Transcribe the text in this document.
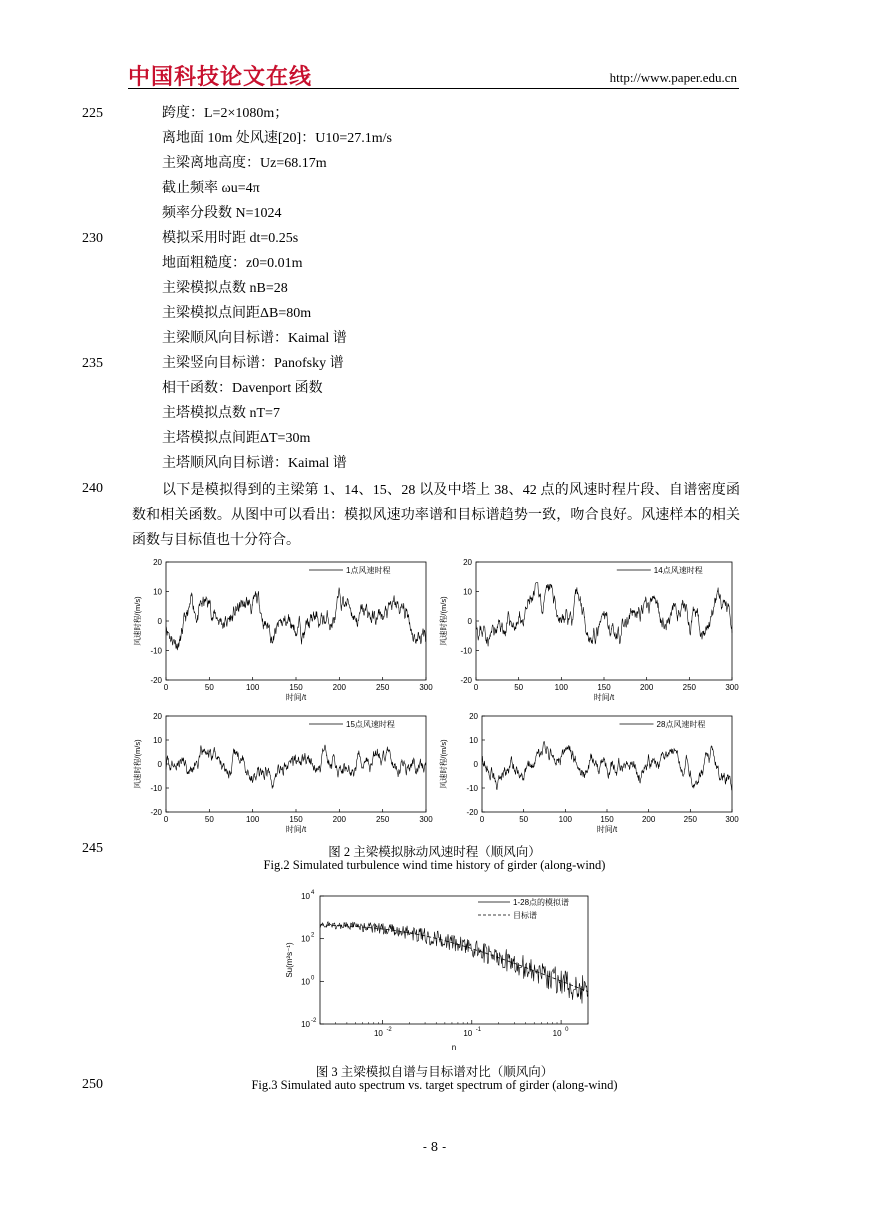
中国科技论文在线	http://www.paper.edu.cn
225
230
235
240
245
250
跨度：L=2×1080m；
离地面 10m 处风速[20]：U10=27.1m/s
主梁离地高度：Uz=68.17m
截止频率 ωu=4π
频率分段数 N=1024
模拟采用时距 dt=0.25s
地面粗糙度：z0=0.01m
主梁模拟点数 nB=28
主梁模拟点间距ΔB=80m
主梁顺风向目标谱：Kaimal 谱
主梁竖向目标谱：Panofsky 谱
相干函数：Davenport 函数
主塔模拟点数 nT=7
主塔模拟点间距ΔT=30m
主塔顺风向目标谱：Kaimal 谱
以下是模拟得到的主梁第 1、14、15、28 以及中塔上 38、42 点的风速时程片段、自谱密度函数和相关函数。从图中可以看出：模拟风速功率谱和目标谱趋势一致，吻合良好。风速样本的相关函数与目标值也十分符合。
0	50	100	150	200	250	300
20
10
0
-10
-20
时间/t
风速时程/(m/s)
1点风速时程
0	50	100	150	200	250	300
20
10
0
-10
-20
时间/t
风速时程/(m/s)
14点风速时程
0	50	100	150	200	250	300
20
10
0
-10
-20
时间/t
风速时程/(m/s)
15点风速时程
0	50	100	150	200	250	300
20
10
0
-10
-20
时间/t
风速时程/(m/s)
28点风速时程
图 2 主梁模拟脉动风速时程（顺风向）
Fig.2 Simulated turbulence wind time history of girder (along-wind)
10 -2	10 -1	10 0
10 4
10 2
10 0
10 -2
n
Su(m²s⁻¹)
1-28点的模拟谱
目标谱
图 3 主梁模拟自谱与目标谱对比（顺风向）
Fig.3 Simulated auto spectrum vs. target spectrum of girder (along-wind)
- 8 -
